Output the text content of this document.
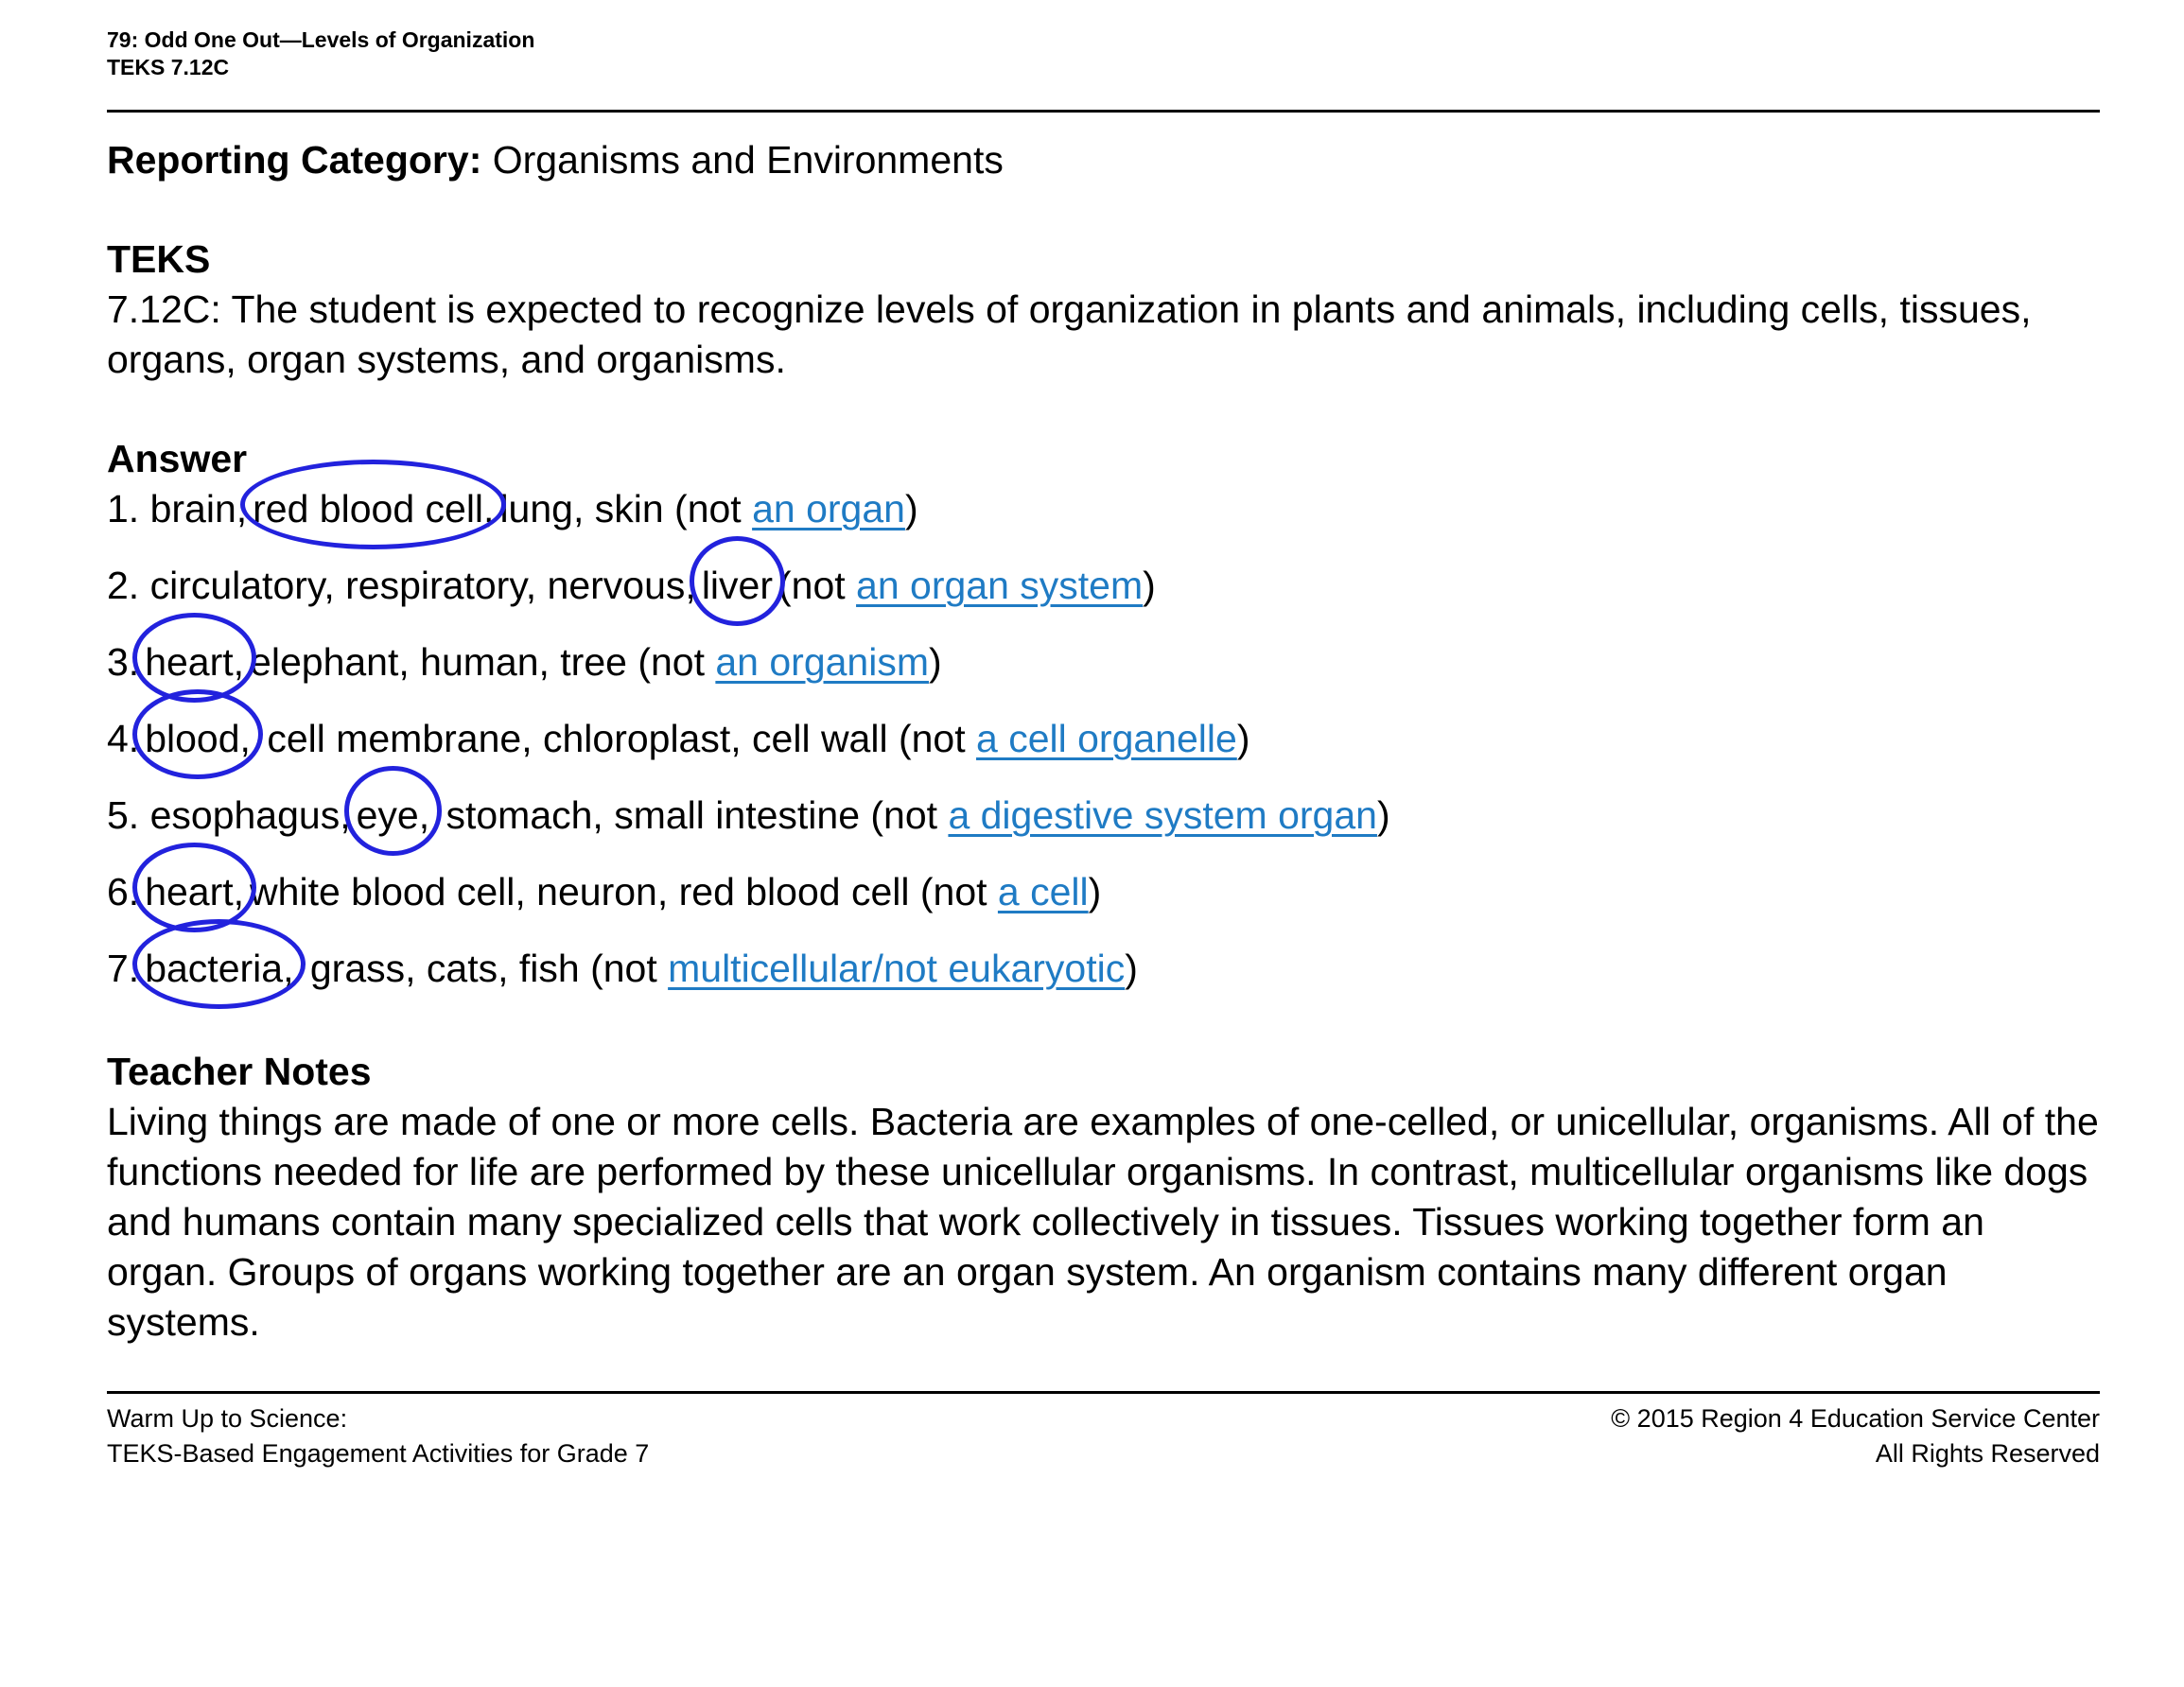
79: Odd One Out—Levels of Organization
TEKS 7.12C
Reporting Category: Organisms and Environments
TEKS
7.12C: The student is expected to recognize levels of organization in plants and animals, including cells, tissues, organs, organ systems, and organisms.
Answer
1. brain, red blood cell, lung, skin (not an organ)
2. circulatory, respiratory, nervous, liver (not an organ system)
3. heart, elephant, human, tree (not an organism)
4. blood, cell membrane, chloroplast, cell wall (not a cell organelle)
5. esophagus, eye, stomach, small intestine (not a digestive system organ)
6. heart, white blood cell, neuron, red blood cell (not a cell)
7. bacteria, grass, cats, fish (not multicellular/not eukaryotic)
Teacher Notes
Living things are made of one or more cells. Bacteria are examples of one-celled, or unicellular, organisms. All of the functions needed for life are performed by these unicellular organisms. In contrast, multicellular organisms like dogs and humans contain many specialized cells that work collectively in tissues. Tissues working together form an organ. Groups of organs working together are an organ system. An organism contains many different organ systems.
Warm Up to Science:
TEKS-Based Engagement Activities for Grade 7
© 2015 Region 4 Education Service Center
All Rights Reserved
